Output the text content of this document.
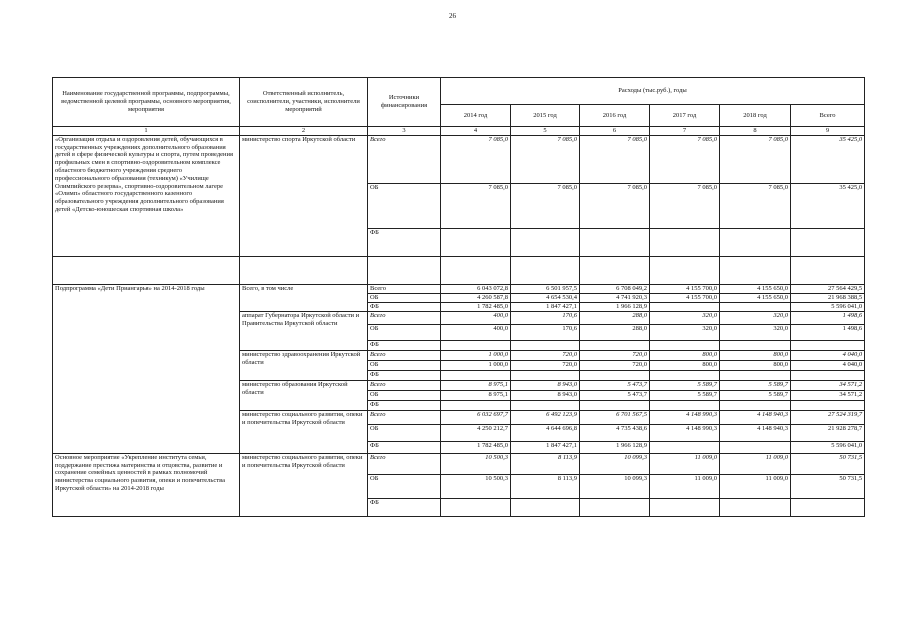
26
Наименование государственной программы, подпрограммы, ведомственной целевой программы, основного мероприятия, мероприятия	Ответственный исполнитель, соисполнители, участники, исполнители мероприятий	Источники финансирования	Расходы (тыс.руб.), годы					
			2014 год	2015 год	2016 год	2017 год	2018 год	Всего
1	2	3	4	5	6	7	8	9
«Организация отдыха и оздоровления детей, обучающихся в государственных учреждениях дополнительного образования детей в сфере физической культуры и спорта, путем проведения профильных смен в спортивно-оздоровительном комплексе областного бюджетного учреждения среднего профессионального образования (техникум) «Училище Олимпийского резерва», спортивно-оздоровительном лагере «Олимп» областного государственного казенного образовательного учреждения дополнительного образования детей «Детско-юношеская спортивная школа»	министерство спорта Иркутской области	Всего	7 085,0	7 085,0	7 085,0	7 085,0	7 085,0	35 425,0
		ОБ	7 085,0	7 085,0	7 085,0	7 085,0	7 085,0	35 425,0
		ФБ						

Подпрограмма «Дети Приангарья» на 2014-2018 годы	Всего, в том числе	Всего	6 043 072,8	6 501 957,5	6 708 049,2	4 155 700,0	4 155 650,0	27 564 429,5
		ОБ	4 260 587,8	4 654 530,4	4 741 920,3	4 155 700,0	4 155 650,0	21 968 388,5
		ФБ	1 782 485,0	1 847 427,1	1 966 128,9			5 596 041,0
	аппарат Губернатора Иркутской области и Правительства Иркутской области	Всего	400,0	170,6	288,0	320,0	320,0	1 498,6
		ОБ	400,0	170,6	288,0	320,0	320,0	1 498,6
		ФБ						
	министерство здравоохранения Иркутской области	Всего	1 000,0	720,0	720,0	800,0	800,0	4 040,0
		ОБ	1 000,0	720,0	720,0	800,0	800,0	4 040,0
		ФБ						
	министерство образования Иркутской области	Всего	8 975,1	8 943,0	5 473,7	5 589,7	5 589,7	34 571,2
		ОБ	8 975,1	8 943,0	5 473,7	5 589,7	5 589,7	34 571,2
		ФБ						
	министерство социального развития, опеки и попечительства Иркутской области	Всего	6 032 697,7	6 492 123,9	6 701 567,5	4 148 990,3	4 148 940,3	27 524 319,7
		ОБ	4 250 212,7	4 644 696,8	4 735 438,6	4 148 990,3	4 148 940,3	21 928 278,7
		ФБ	1 782 485,0	1 847 427,1	1 966 128,9			5 596 041,0
Основное мероприятие «Укрепление института семьи, поддержание престижа материнства и отцовства, развитие и сохранение семейных ценностей в рамках полномочий министерства социального развития, опеки и попечительства Иркутской области» на 2014-2018 годы	министерство социального развития, опеки и попечительства Иркутской области	Всего	10 500,3	8 113,9	10 099,3	11 009,0	11 009,0	50 731,5
		ОБ	10 500,3	8 113,9	10 099,3	11 009,0	11 009,0	50 731,5
		ФБ						
